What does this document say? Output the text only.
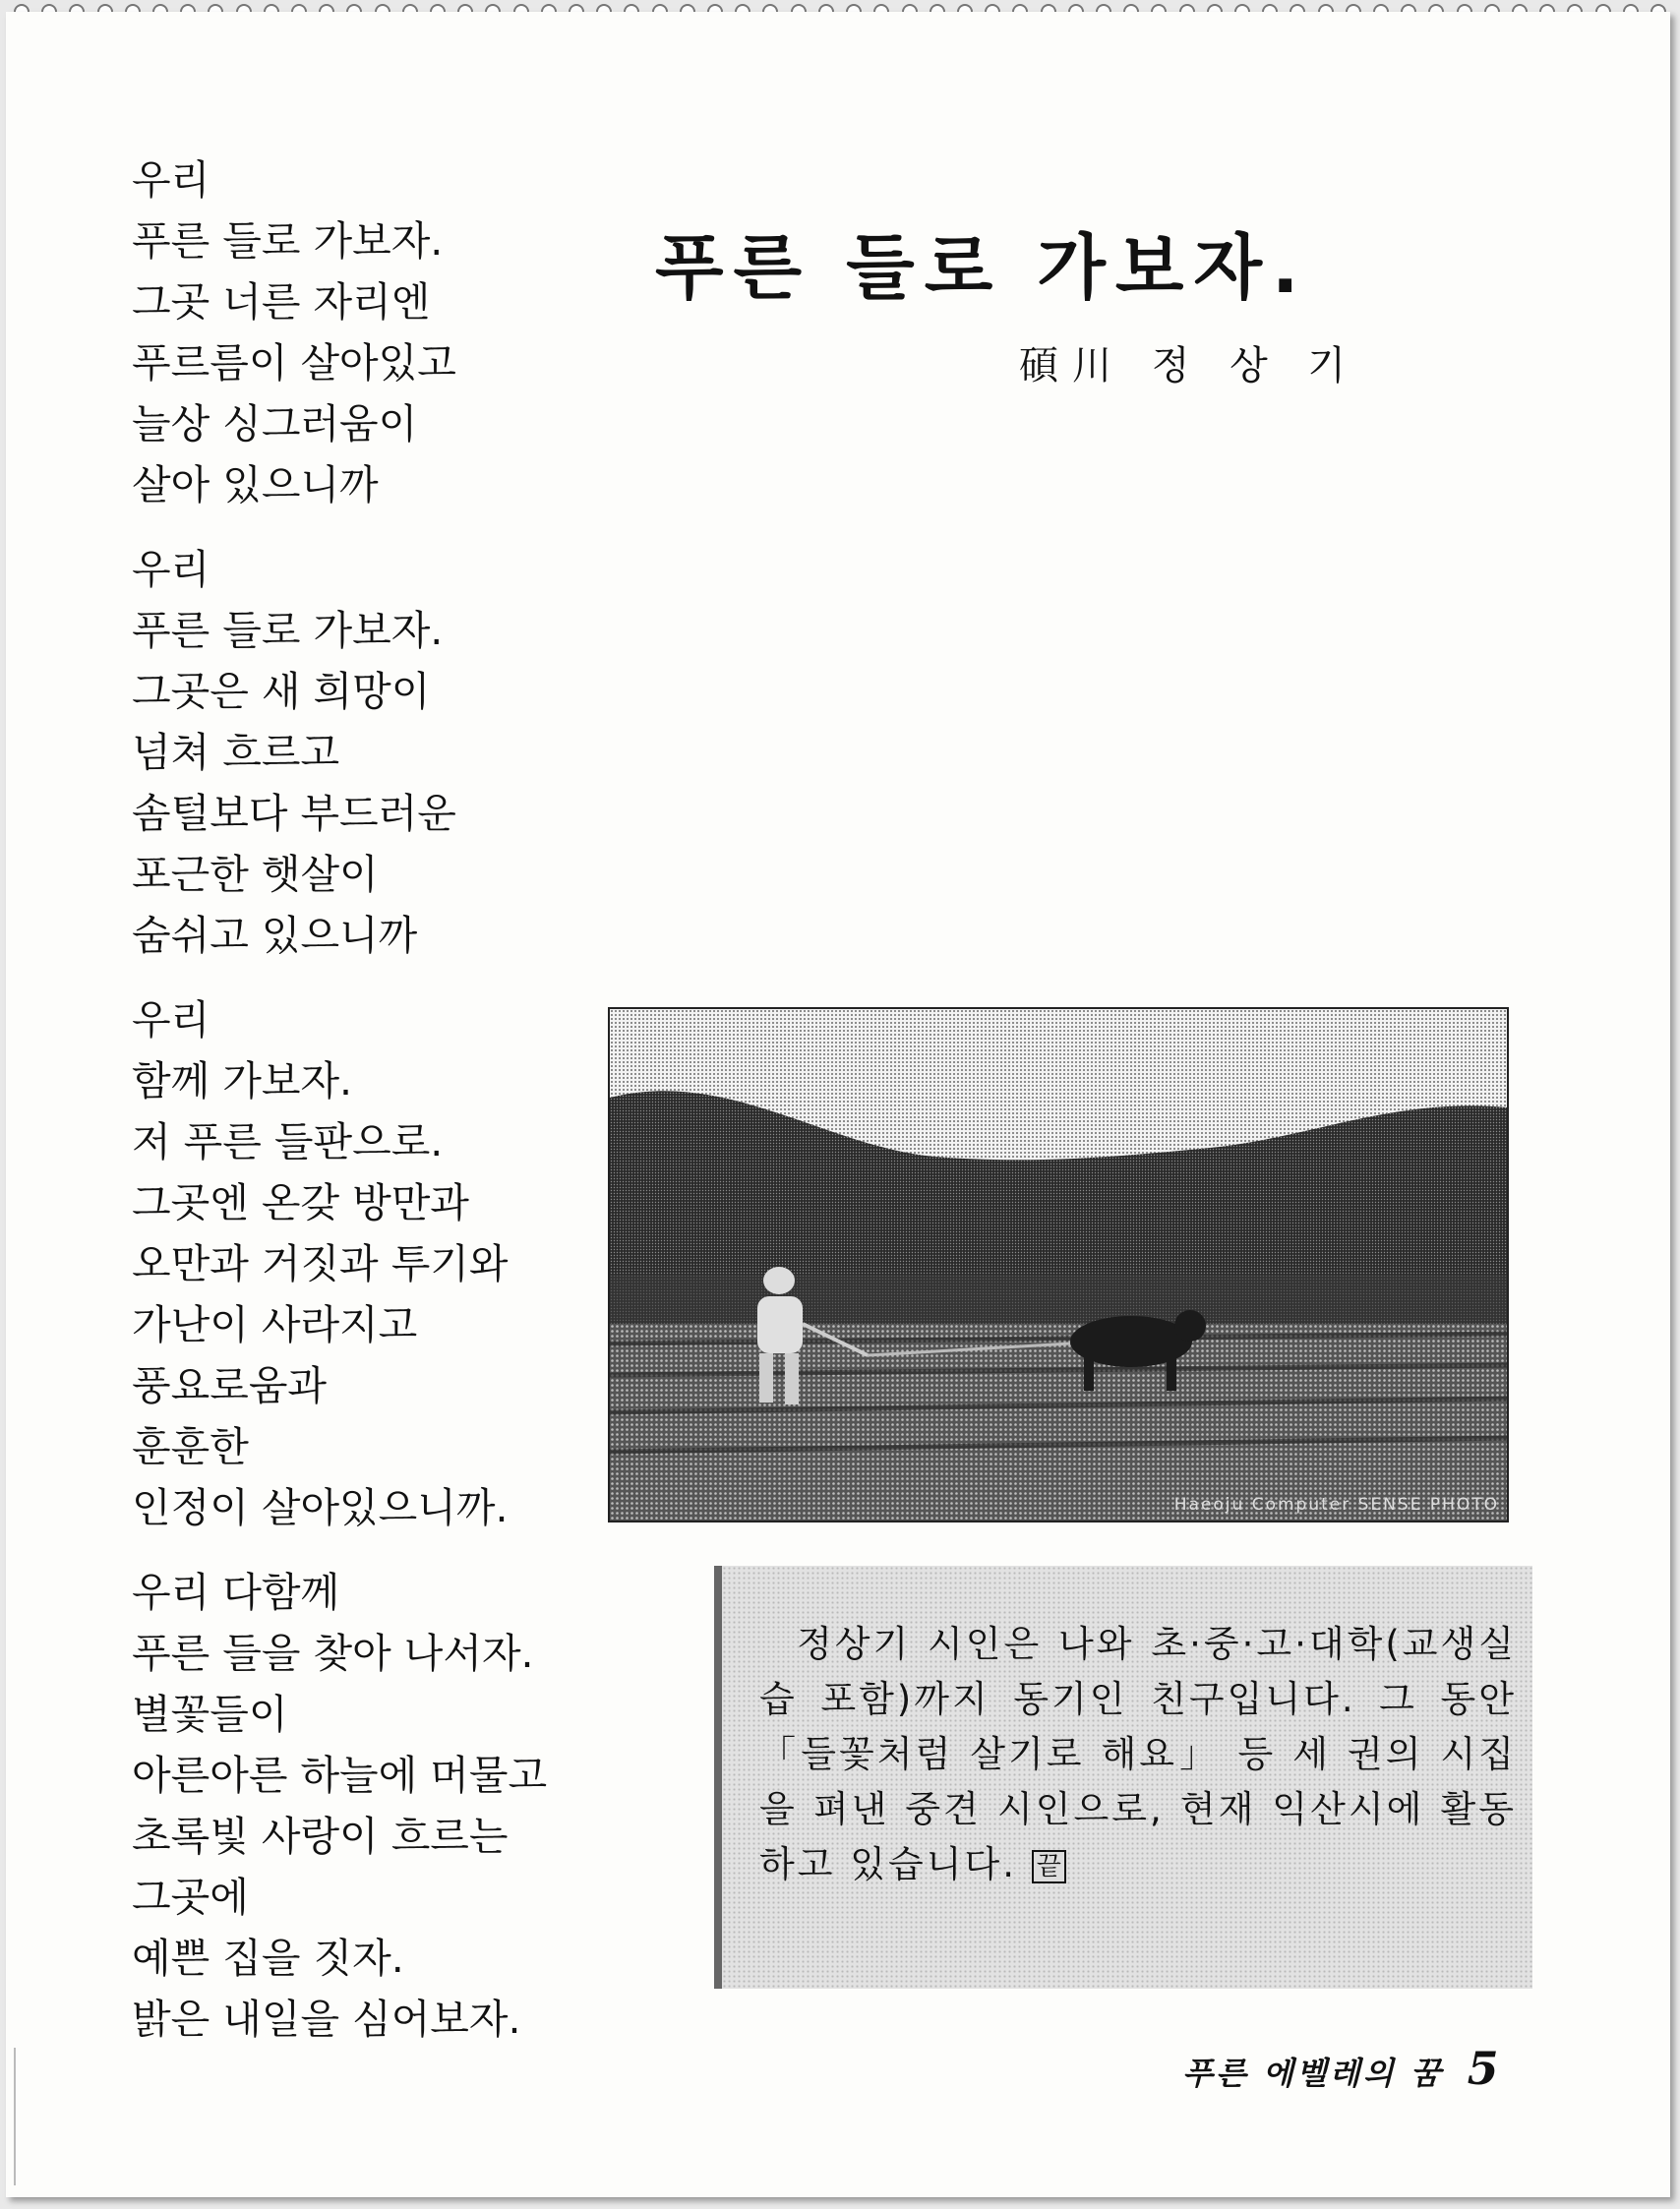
우리
푸른 들로 가보자.
그곳 너른 자리엔
푸르름이 살아있고
늘상 싱그러움이
살아 있으니까
우리
푸른 들로 가보자.
그곳은 새 희망이
넘쳐 흐르고
솜털보다 부드러운
포근한 햇살이
숨쉬고 있으니까
우리
함께 가보자.
저 푸른 들판으로.
그곳엔 온갖 방만과
오만과 거짓과 투기와
가난이 사라지고
풍요로움과
훈훈한
인정이 살아있으니까.
우리 다함께
푸른 들을 찾아 나서자.
별꽃들이
아른아른 하늘에 머물고
초록빛 사랑이 흐르는
그곳에
예쁜 집을 짓자.
밝은 내일을 심어보자.
푸른 들로 가보자.
碩川 정 상 기
Haeoju Computer SENSE PHOTO
정상기 시인은 나와 초·중·고·대학(교생실습 포함)까지 동기인 친구입니다. 그 동안 「들꽃처럼 살기로 해요」 등 세 권의 시집을 펴낸 중견 시인으로, 현재 익산시에 활동하고 있습니다. 끝
푸른 에벨레의 꿈 5
